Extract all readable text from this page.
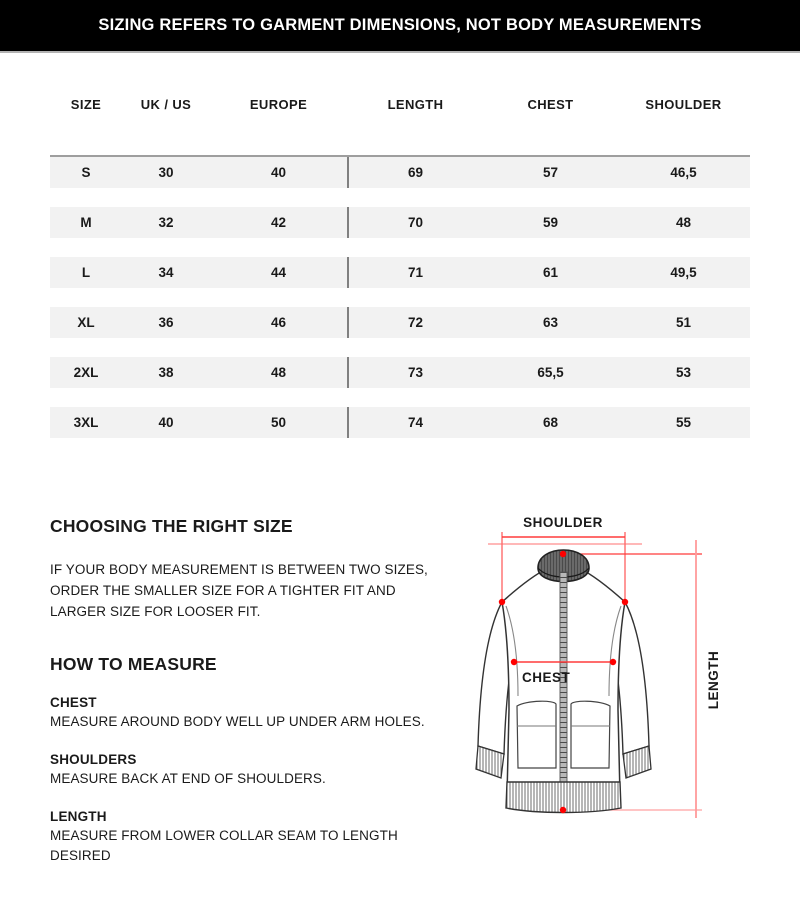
SIZING REFERS TO GARMENT DIMENSIONS, NOT BODY MEASUREMENTS
SIZE	UK / US	EUROPE	LENGTH	CHEST	SHOULDER

S	30	40	69	57	46,5

M	32	42	70	59	48

L	34	44	71	61	49,5

XL	36	46	72	63	51

2XL	38	48	73	65,5	53

3XL	40	50	74	68	55
CHOOSING THE RIGHT SIZE

IF YOUR BODY MEASUREMENT IS BETWEEN TWO SIZES,
ORDER THE SMALLER SIZE FOR A TIGHTER FIT AND
LARGER SIZE FOR LOOSER FIT.

HOW TO MEASURE
CHEST
MEASURE AROUND BODY WELL UP UNDER ARM HOLES.
SHOULDERS
MEASURE BACK AT END OF SHOULDERS.
LENGTH
MEASURE FROM LOWER COLLAR SEAM TO LENGTH
DESIRED
SHOULDER
CHEST	LENGTH
